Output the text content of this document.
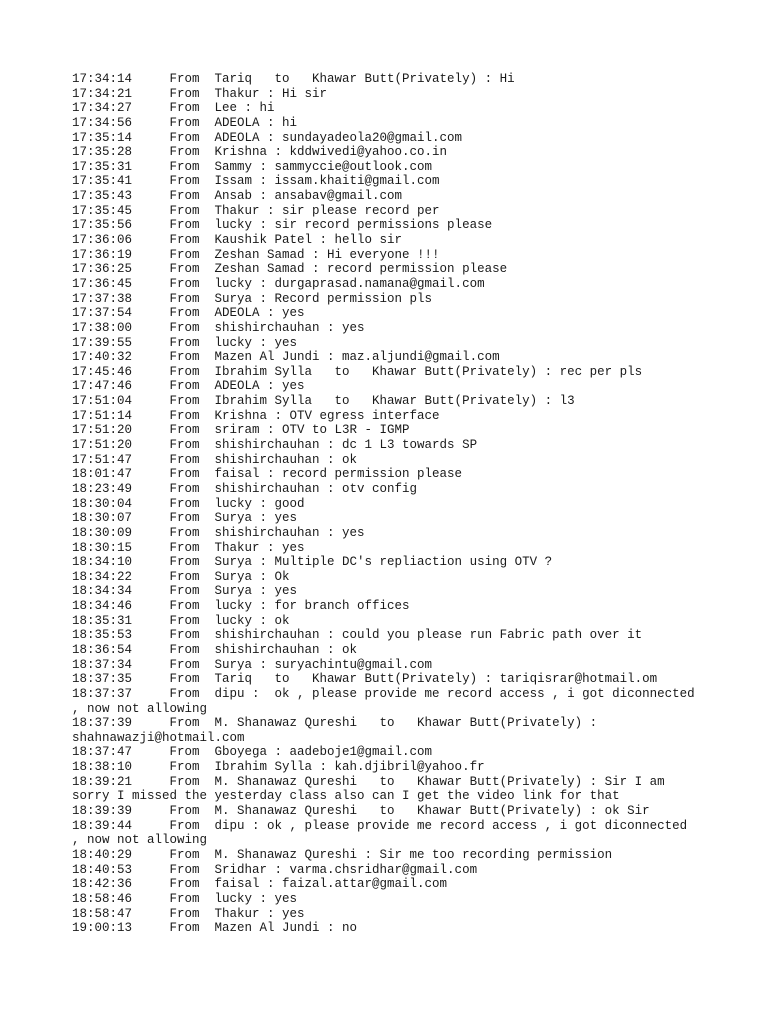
17:34:14     From  Tariq   to   Khawar Butt(Privately) : Hi
17:34:21     From  Thakur : Hi sir
17:34:27     From  Lee : hi
17:34:56     From  ADEOLA : hi
17:35:14     From  ADEOLA : sundayadeola20@gmail.com
17:35:28     From  Krishna : kddwivedi@yahoo.co.in
17:35:31     From  Sammy : sammyccie@outlook.com
17:35:41     From  Issam : issam.khaiti@gmail.com
17:35:43     From  Ansab : ansabav@gmail.com
17:35:45     From  Thakur : sir please record per
17:35:56     From  lucky : sir record permissions please
17:36:06     From  Kaushik Patel : hello sir
17:36:19     From  Zeshan Samad : Hi everyone !!!
17:36:25     From  Zeshan Samad : record permission please
17:36:45     From  lucky : durgaprasad.namana@gmail.com
17:37:38     From  Surya : Record permission pls
17:37:54     From  ADEOLA : yes
17:38:00     From  shishirchauhan : yes
17:39:55     From  lucky : yes
17:40:32     From  Mazen Al Jundi : maz.aljundi@gmail.com
17:45:46     From  Ibrahim Sylla   to   Khawar Butt(Privately) : rec per pls
17:47:46     From  ADEOLA : yes
17:51:04     From  Ibrahim Sylla   to   Khawar Butt(Privately) : l3
17:51:14     From  Krishna : OTV egress interface
17:51:20     From  sriram : OTV to L3R - IGMP
17:51:20     From  shishirchauhan : dc 1 L3 towards SP
17:51:47     From  shishirchauhan : ok
18:01:47     From  faisal : record permission please
18:23:49     From  shishirchauhan : otv config
18:30:04     From  lucky : good
18:30:07     From  Surya : yes
18:30:09     From  shishirchauhan : yes
18:30:15     From  Thakur : yes
18:34:10     From  Surya : Multiple DC's repliaction using OTV ?
18:34:22     From  Surya : Ok
18:34:34     From  Surya : yes
18:34:46     From  lucky : for branch offices
18:35:31     From  lucky : ok
18:35:53     From  shishirchauhan : could you please run Fabric path over it
18:36:54     From  shishirchauhan : ok
18:37:34     From  Surya : suryachintu@gmail.com
18:37:35     From  Tariq   to   Khawar Butt(Privately) : tariqisrar@hotmail.om
18:37:37     From  dipu :  ok , please provide me record access , i got diconnected
, now not allowing
18:37:39     From  M. Shanawaz Qureshi   to   Khawar Butt(Privately) :
shahnawazji@hotmail.com
18:37:47     From  Gboyega : aadeboje1@gmail.com
18:38:10     From  Ibrahim Sylla : kah.djibril@yahoo.fr
18:39:21     From  M. Shanawaz Qureshi   to   Khawar Butt(Privately) : Sir I am
sorry I missed the yesterday class also can I get the video link for that
18:39:39     From  M. Shanawaz Qureshi   to   Khawar Butt(Privately) : ok Sir
18:39:44     From  dipu : ok , please provide me record access , i got diconnected
, now not allowing
18:40:29     From  M. Shanawaz Qureshi : Sir me too recording permission
18:40:53     From  Sridhar : varma.chsridhar@gmail.com
18:42:36     From  faisal : faizal.attar@gmail.com
18:58:46     From  lucky : yes
18:58:47     From  Thakur : yes
19:00:13     From  Mazen Al Jundi : no
